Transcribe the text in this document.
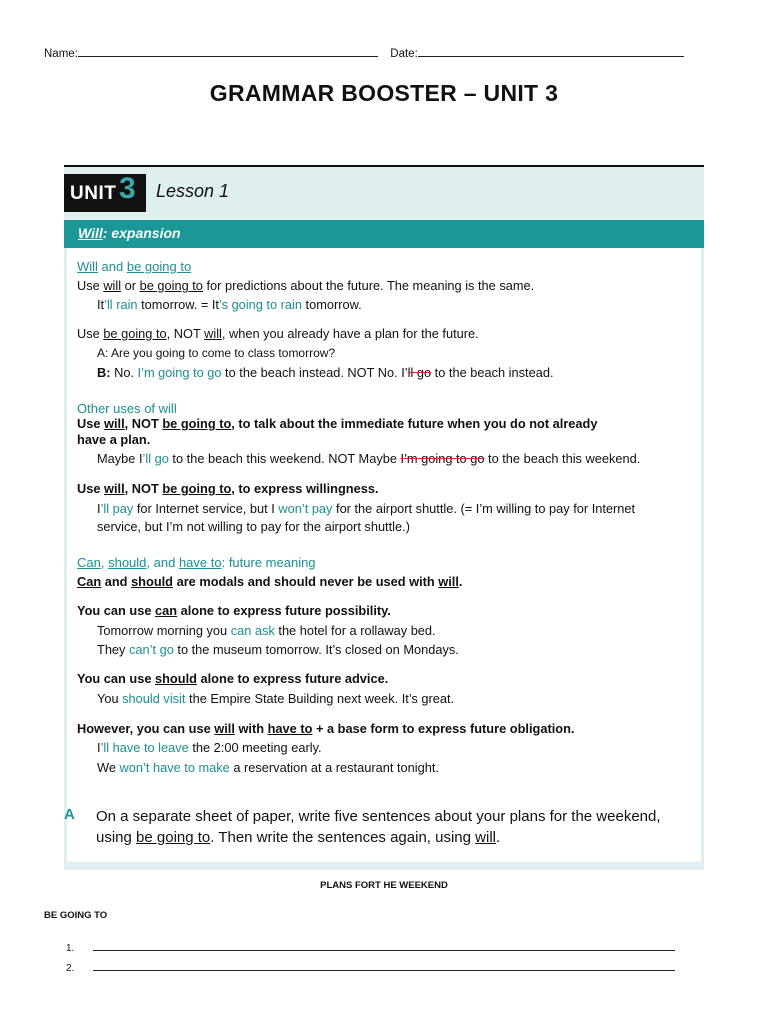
Name:	Date:
GRAMMAR BOOSTER – UNIT 3
UNIT 3 Lesson 1
Will: expansion
Will and be going to
Use will or be going to for predictions about the future. The meaning is the same.
It’ll rain tomorrow. = It’s going to rain tomorrow.
Use be going to, NOT will, when you already have a plan for the future.
A: Are you going to come to class tomorrow?
B: No. I’m going to go to the beach instead. NOT No. I’ll go to the beach instead.
Other uses of will
Use will, NOT be going to, to talk about the immediate future when you do not already
have a plan.
Maybe I’ll go to the beach this weekend. NOT Maybe I’m going to go to the beach this weekend.
Use will, NOT be going to, to express willingness.
I’ll pay for Internet service, but I won’t pay for the airport shuttle. (= I’m willing to pay for Internet
service, but I’m not willing to pay for the airport shuttle.)
Can, should, and have to: future meaning
Can and should are modals and should never be used with will.
You can use can alone to express future possibility.
Tomorrow morning you can ask the hotel for a rollaway bed.
They can’t go to the museum tomorrow. It’s closed on Mondays.
You can use should alone to express future advice.
You should visit the Empire State Building next week. It’s great.
However, you can use will with have to + a base form to express future obligation.
I’ll have to leave the 2:00 meeting early.
We won’t have to make a reservation at a restaurant tonight.
A On a separate sheet of paper, write five sentences about your plans for the weekend, using be going to. Then write the sentences again, using will.
PLANS FORT HE WEEKEND
BE GOING TO
1.
2.
